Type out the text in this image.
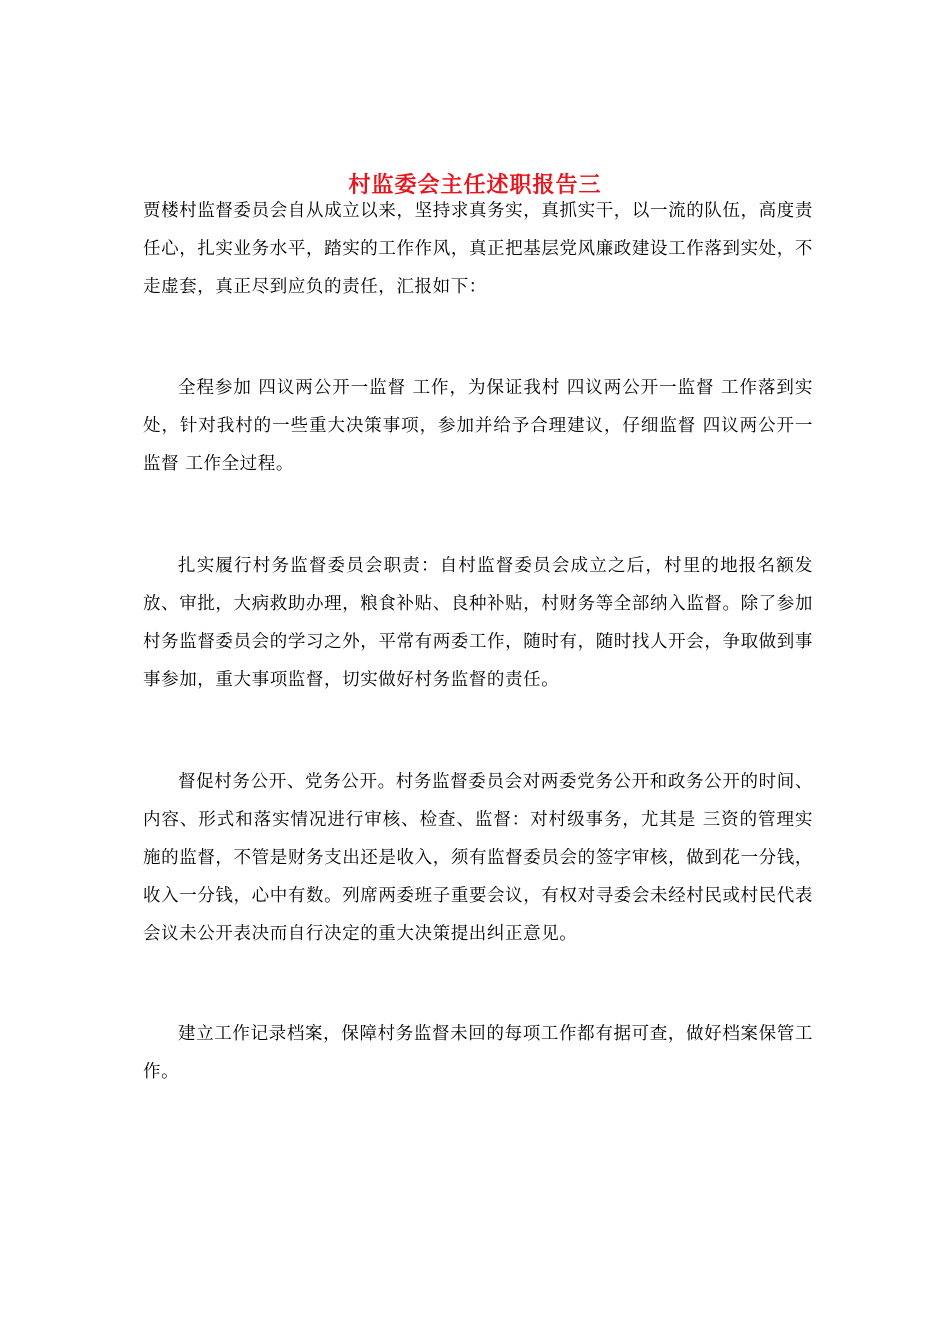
村监委会主任述职报告三

贾楼村监督委员会自从成立以来，坚持求真务实，真抓实干，以一流的队伍，高度责任心，扎实业务水平，踏实的工作作风，真正把基层党风廉政建设工作落到实处，不走虚套，真正尽到应负的责任，汇报如下：

全程参加 四议两公开一监督 工作，为保证我村 四议两公开一监督 工作落到实处，针对我村的一些重大决策事项，参加并给予合理建议，仔细监督 四议两公开一监督 工作全过程。

扎实履行村务监督委员会职责：自村监督委员会成立之后，村里的地报名额发放、审批，大病救助办理，粮食补贴、良种补贴，村财务等全部纳入监督。除了参加村务监督委员会的学习之外，平常有两委工作，随时有，随时找人开会，争取做到事事参加，重大事项监督，切实做好村务监督的责任。

督促村务公开、党务公开。村务监督委员会对两委党务公开和政务公开的时间、内容、形式和落实情况进行审核、检查、监督：对村级事务，尤其是 三资的管理实施的监督，不管是财务支出还是收入，须有监督委员会的签字审核，做到花一分钱，收入一分钱，心中有数。列席两委班子重要会议，有权对寻委会未经村民或村民代表会议未公开表决而自行决定的重大决策提出纠正意见。

建立工作记录档案，保障村务监督未回的每项工作都有据可查，做好档案保管工作。
